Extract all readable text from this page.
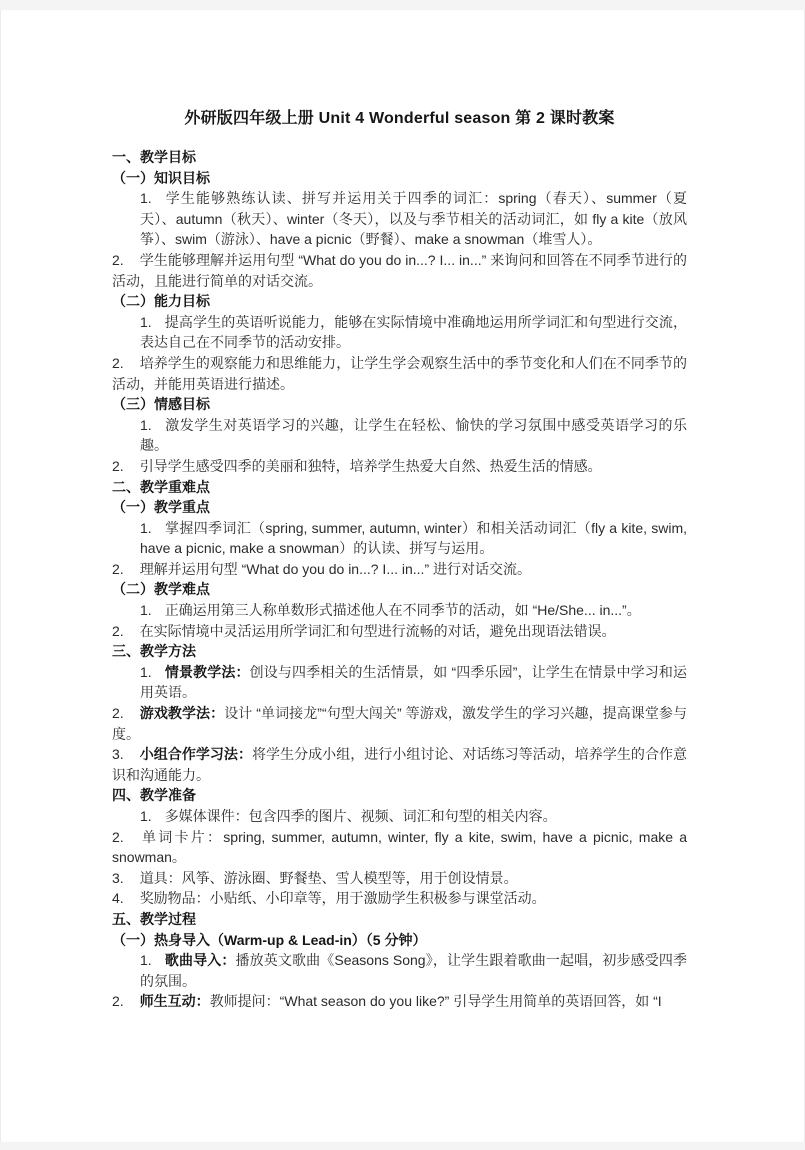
外研版四年级上册 Unit 4 Wonderful season 第 2 课时教案

一、教学目标

（一）知识目标

1. 学生能够熟练认读、拼写并运用关于四季的词汇：spring（春天）、summer（夏天）、autumn（秋天）、winter（冬天），以及与季节相关的活动词汇，如 fly a kite（放风筝）、swim（游泳）、have a picnic（野餐）、make a snowman（堆雪人）。

2. 学生能够理解并运用句型 “What do you do in...? I... in...” 来询问和回答在不同季节进行的活动，且能进行简单的对话交流。

（二）能力目标

1. 提高学生的英语听说能力，能够在实际情境中准确地运用所学词汇和句型进行交流，表达自己在不同季节的活动安排。

2. 培养学生的观察能力和思维能力，让学生学会观察生活中的季节变化和人们在不同季节的活动，并能用英语进行描述。

（三）情感目标

1. 激发学生对英语学习的兴趣，让学生在轻松、愉快的学习氛围中感受英语学习的乐趣。

2. 引导学生感受四季的美丽和独特，培养学生热爱大自然、热爱生活的情感。

二、教学重难点

（一）教学重点

1. 掌握四季词汇（spring, summer, autumn, winter）和相关活动词汇（fly a kite, swim, have a picnic, make a snowman）的认读、拼写与运用。

2. 理解并运用句型 “What do you do in...? I... in...” 进行对话交流。

（二）教学难点

1. 正确运用第三人称单数形式描述他人在不同季节的活动，如 “He/She... in...”。

2. 在实际情境中灵活运用所学词汇和句型进行流畅的对话，避免出现语法错误。

三、教学方法

1. 情景教学法：创设与四季相关的生活情景，如 “四季乐园”，让学生在情景中学习和运用英语。

2. 游戏教学法：设计 “单词接龙”“句型大闯关” 等游戏，激发学生的学习兴趣，提高课堂参与度。

3. 小组合作学习法：将学生分成小组，进行小组讨论、对话练习等活动，培养学生的合作意识和沟通能力。

四、教学准备

1. 多媒体课件：包含四季的图片、视频、词汇和句型的相关内容。

2. 单词卡片：spring, summer, autumn, winter, fly a kite, swim, have a picnic, make a snowman。

3. 道具：风筝、游泳圈、野餐垫、雪人模型等，用于创设情景。

4. 奖励物品：小贴纸、小印章等，用于激励学生积极参与课堂活动。

五、教学过程

（一）热身导入（Warm-up & Lead-in）（5 分钟）

1. 歌曲导入：播放英文歌曲《Seasons Song》，让学生跟着歌曲一起唱，初步感受四季的氛围。

2. 师生互动：教师提问：“What season do you like?” 引导学生用简单的英语回答，如 “I
